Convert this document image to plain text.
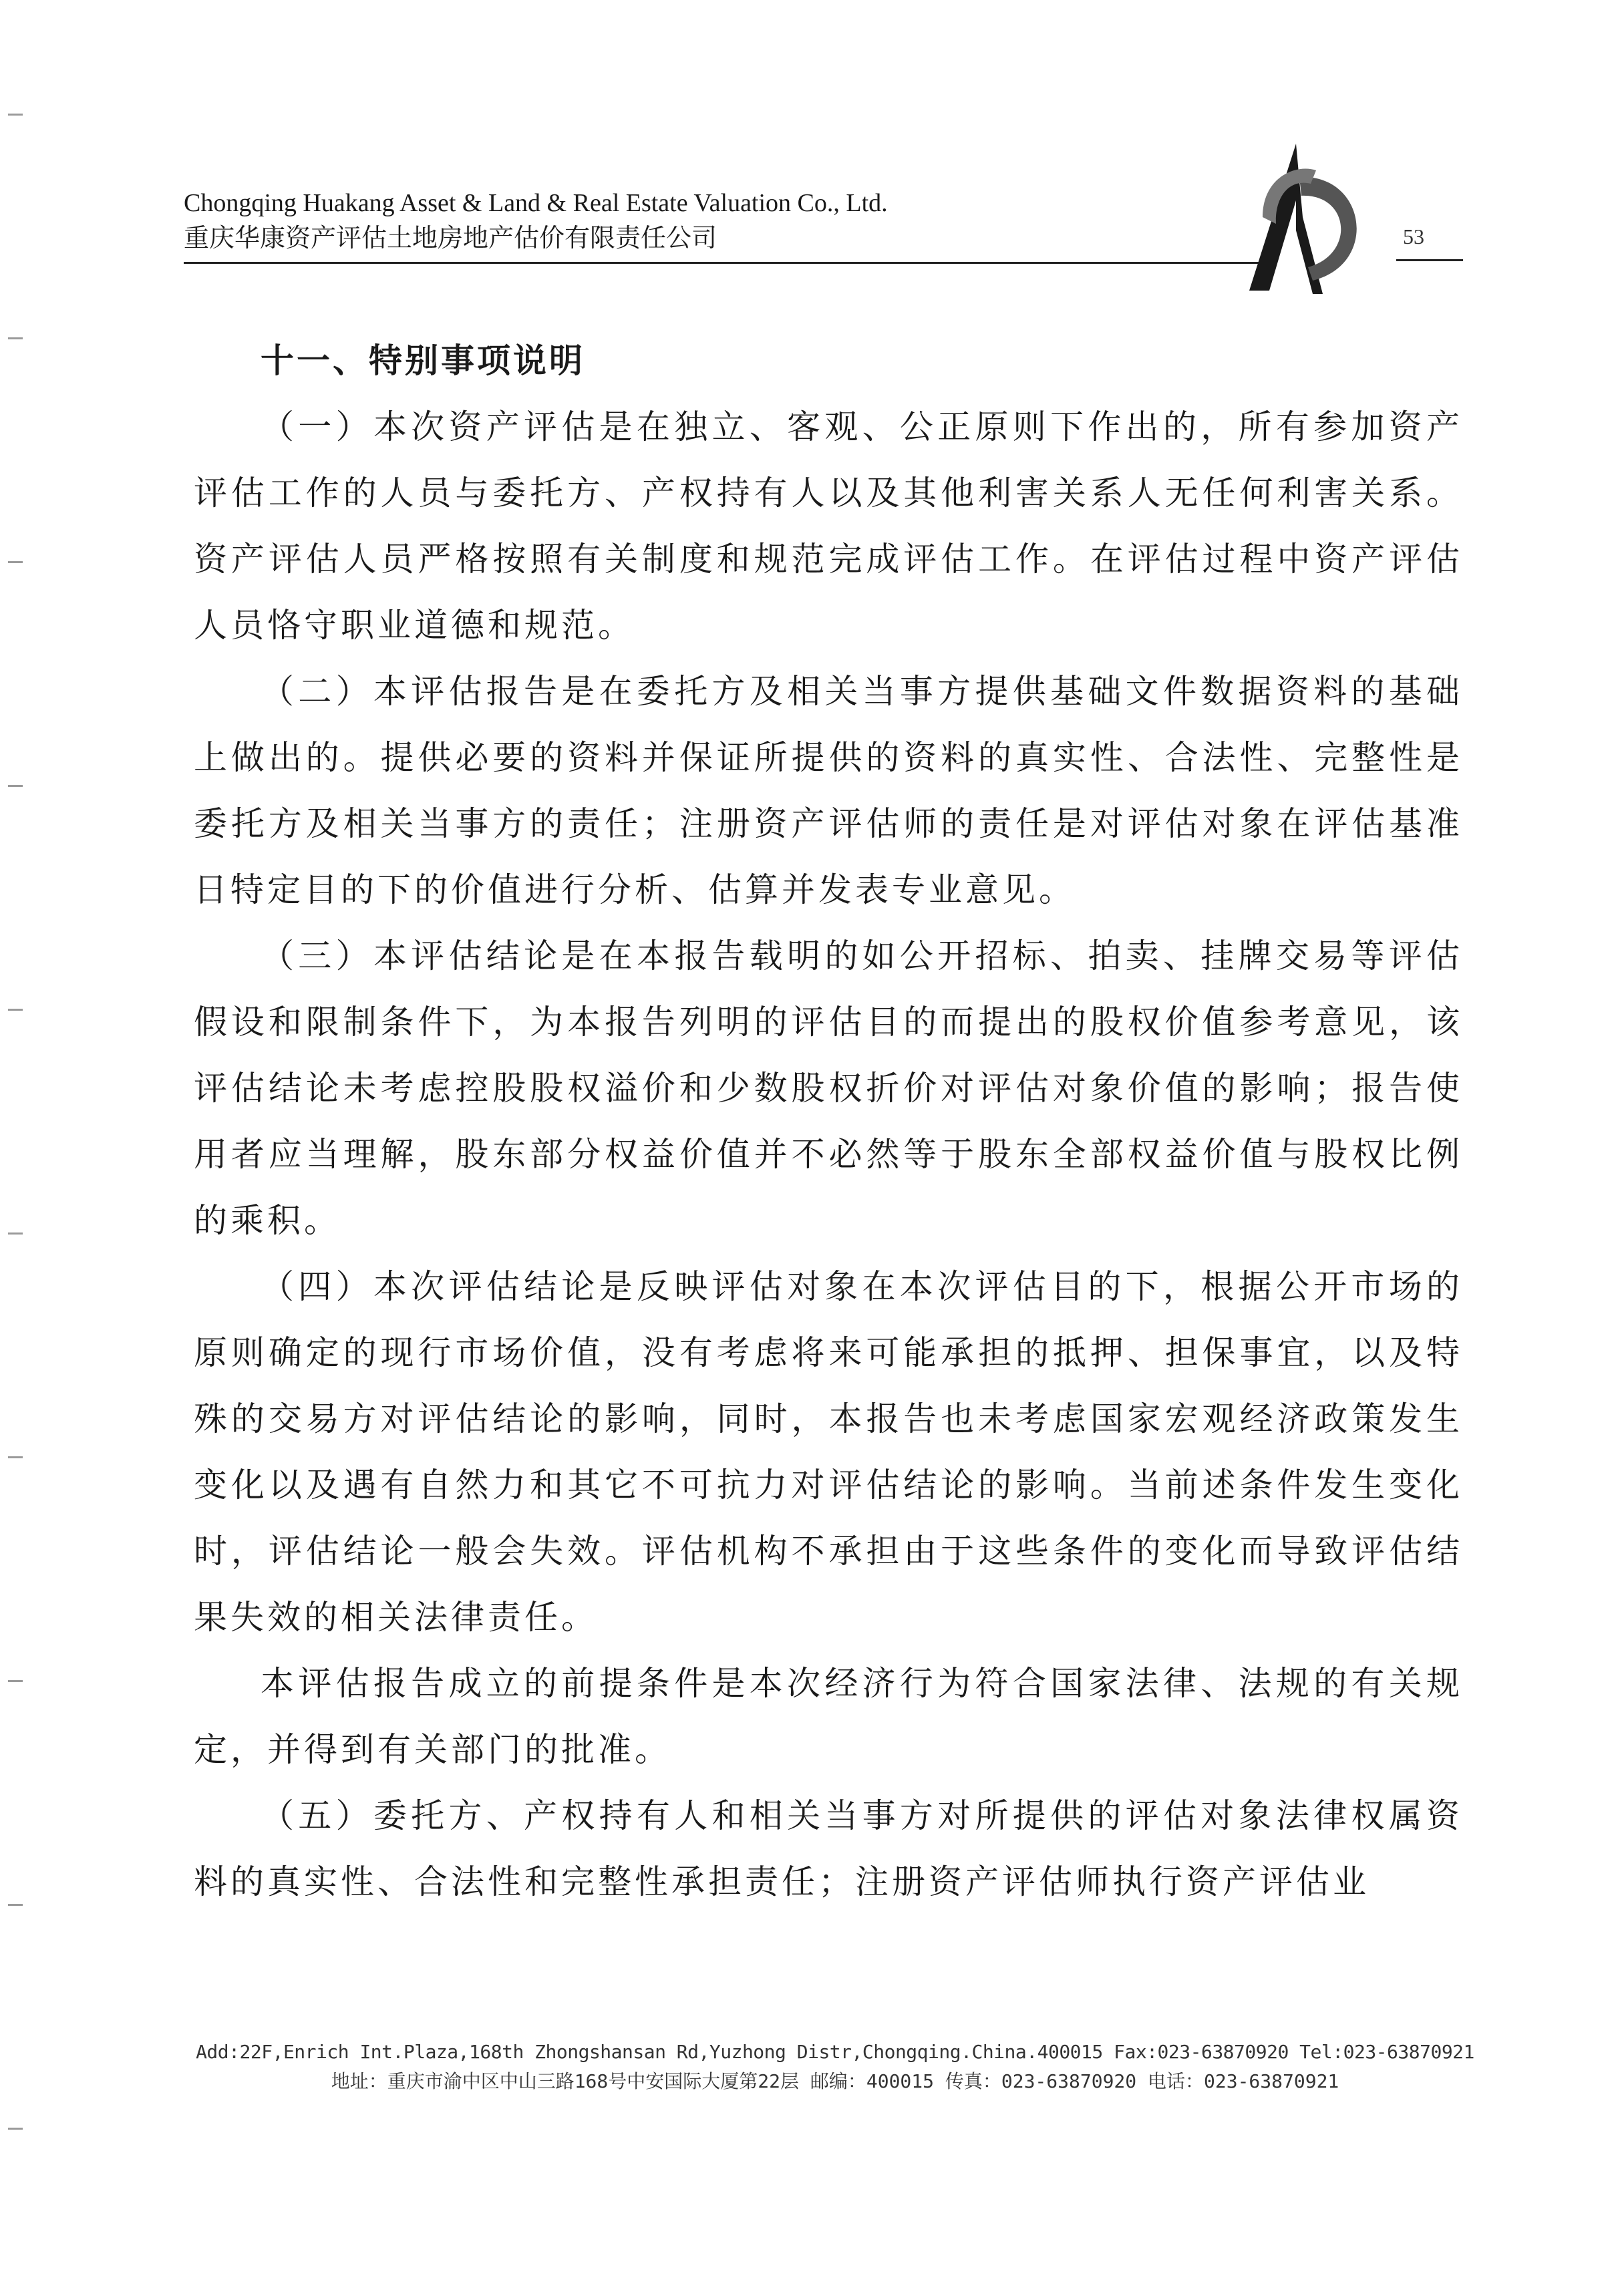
Chongqing Huakang Asset & Land & Real Estate Valuation Co., Ltd.
重庆华康资产评估土地房地产估价有限责任公司	53
十一、特别事项说明

（一）本次资产评估是在独立、客观、公正原则下作出的，所有参加资产评估工作的人员与委托方、产权持有人以及其他利害关系人无任何利害关系。资产评估人员严格按照有关制度和规范完成评估工作。在评估过程中资产评估人员恪守职业道德和规范。

（二）本评估报告是在委托方及相关当事方提供基础文件数据资料的基础上做出的。提供必要的资料并保证所提供的资料的真实性、合法性、完整性是委托方及相关当事方的责任；注册资产评估师的责任是对评估对象在评估基准日特定目的下的价值进行分析、估算并发表专业意见。

（三）本评估结论是在本报告载明的如公开招标、拍卖、挂牌交易等评估假设和限制条件下，为本报告列明的评估目的而提出的股权价值参考意见，该评估结论未考虑控股股权溢价和少数股权折价对评估对象价值的影响；报告使用者应当理解，股东部分权益价值并不必然等于股东全部权益价值与股权比例的乘积。

（四）本次评估结论是反映评估对象在本次评估目的下，根据公开市场的原则确定的现行市场价值，没有考虑将来可能承担的抵押、担保事宜，以及特殊的交易方对评估结论的影响，同时，本报告也未考虑国家宏观经济政策发生变化以及遇有自然力和其它不可抗力对评估结论的影响。当前述条件发生变化时，评估结论一般会失效。评估机构不承担由于这些条件的变化而导致评估结果失效的相关法律责任。

本评估报告成立的前提条件是本次经济行为符合国家法律、法规的有关规定，并得到有关部门的批准。

（五）委托方、产权持有人和相关当事方对所提供的评估对象法律权属资料的真实性、合法性和完整性承担责任；注册资产评估师执行资产评估业

Add:22F,Enrich Int.Plaza,168th Zhongshansan Rd,Yuzhong Distr,Chongqing.China.400015 Fax:023-63870920 Tel:023-63870921
地址：重庆市渝中区中山三路168号中安国际大厦第22层 邮编：400015 传真：023-63870920 电话：023-63870921
